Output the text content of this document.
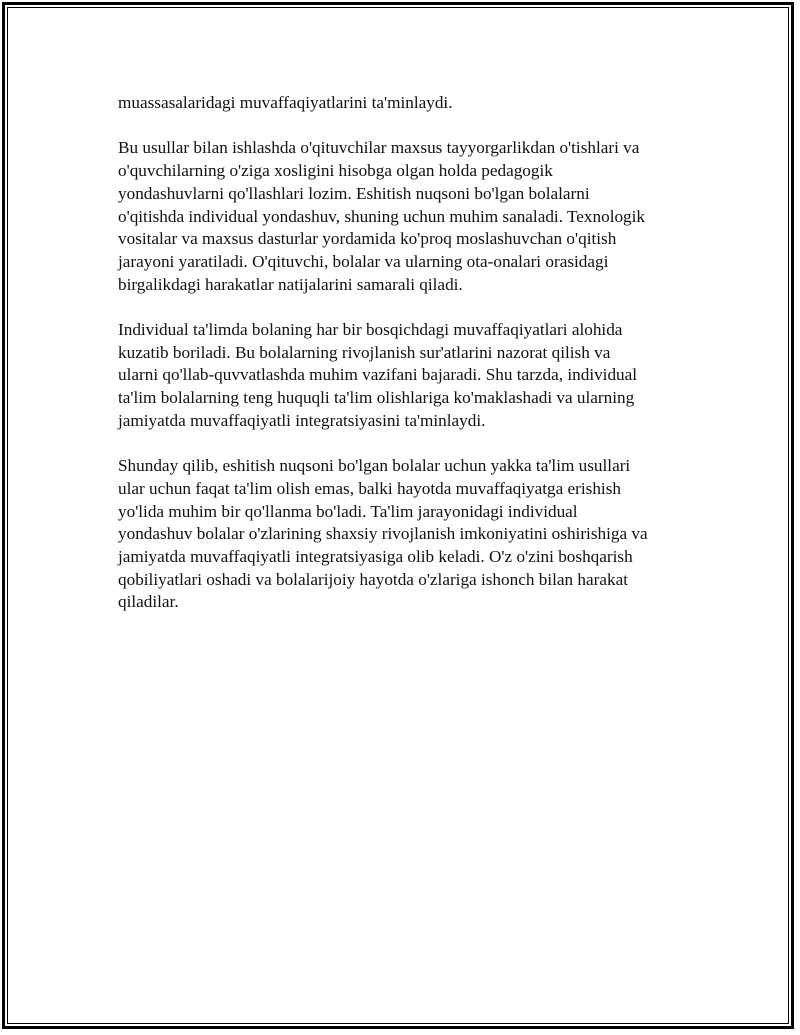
muassasalaridagi muvaffaqiyatlarini ta'minlaydi.

Bu usullar bilan ishlashda o'qituvchilar maxsus tayyorgarlikdan o'tishlari va
o'quvchilarning o'ziga xosligini hisobga olgan holda pedagogik
yondashuvlarni qo'llashlari lozim. Eshitish nuqsoni bo'lgan bolalarni
o'qitishda individual yondashuv, shuning uchun muhim sanaladi. Texnologik
vositalar va maxsus dasturlar yordamida ko'proq moslashuvchan o'qitish
jarayoni yaratiladi. O'qituvchi, bolalar va ularning ota-onalari orasidagi
birgalikdagi harakatlar natijalarini samarali qiladi.

Individual ta'limda bolaning har bir bosqichdagi muvaffaqiyatlari alohida
kuzatib boriladi. Bu bolalarning rivojlanish sur'atlarini nazorat qilish va
ularni qo'llab-quvvatlashda muhim vazifani bajaradi. Shu tarzda, individual
ta'lim bolalarning teng huquqli ta'lim olishlariga ko'maklashadi va ularning
jamiyatda muvaffaqiyatli integratsiyasini ta'minlaydi.

Shunday qilib, eshitish nuqsoni bo'lgan bolalar uchun yakka ta'lim usullari
ular uchun faqat ta'lim olish emas, balki hayotda muvaffaqiyatga erishish
yo'lida muhim bir qo'llanma bo'ladi. Ta'lim jarayonidagi individual
yondashuv bolalar o'zlarining shaxsiy rivojlanish imkoniyatini oshirishiga va
jamiyatda muvaffaqiyatli integratsiyasiga olib keladi. O'z o'zini boshqarish
qobiliyatlari oshadi va bolalarijoiy hayotda o'zlariga ishonch bilan harakat
qiladilar.
